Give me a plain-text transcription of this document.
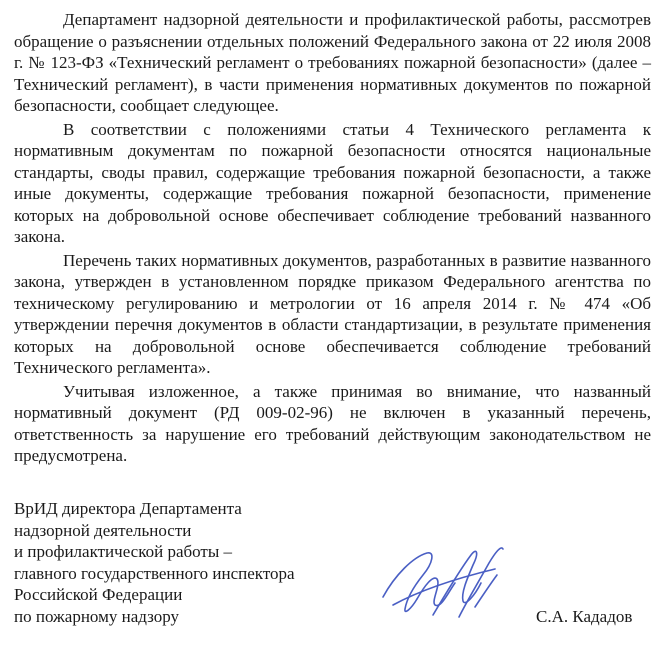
Департамент надзорной деятельности и профилактической работы, рассмотрев обращение о разъяснении отдельных положений Федерального закона от 22 июля 2008 г. № 123-ФЗ «Технический регламент о требованиях пожарной безопасности» (далее – Технический регламент), в части применения нормативных документов по пожарной безопасности, сообщает следующее.

В соответствии с положениями статьи 4 Технического регламента к нормативным документам по пожарной безопасности относятся национальные стандарты, своды правил, содержащие требования пожарной безопасности, а также иные документы, содержащие требования пожарной безопасности, применение которых на добровольной основе обеспечивает соблюдение требований названного закона.

Перечень таких нормативных документов, разработанных в развитие названного закона, утвержден в установленном порядке приказом Федерального агентства по техническому регулированию и метрологии от 16 апреля 2014 г. № 474 «Об утверждении перечня документов в области стандартизации, в результате применения которых на добровольной основе обеспечивается соблюдение требований Технического регламента».

Учитывая изложенное, а также принимая во внимание, что названный нормативный документ (РД 009-02-96) не включен в указанный перечень, ответственность за нарушение его требований действующим законодательством не предусмотрена.

ВрИД директора Департамента
надзорной деятельности
и профилактической работы –
главного государственного инспектора
Российской Федерации
по пожарному надзору	С.А. Кададов
